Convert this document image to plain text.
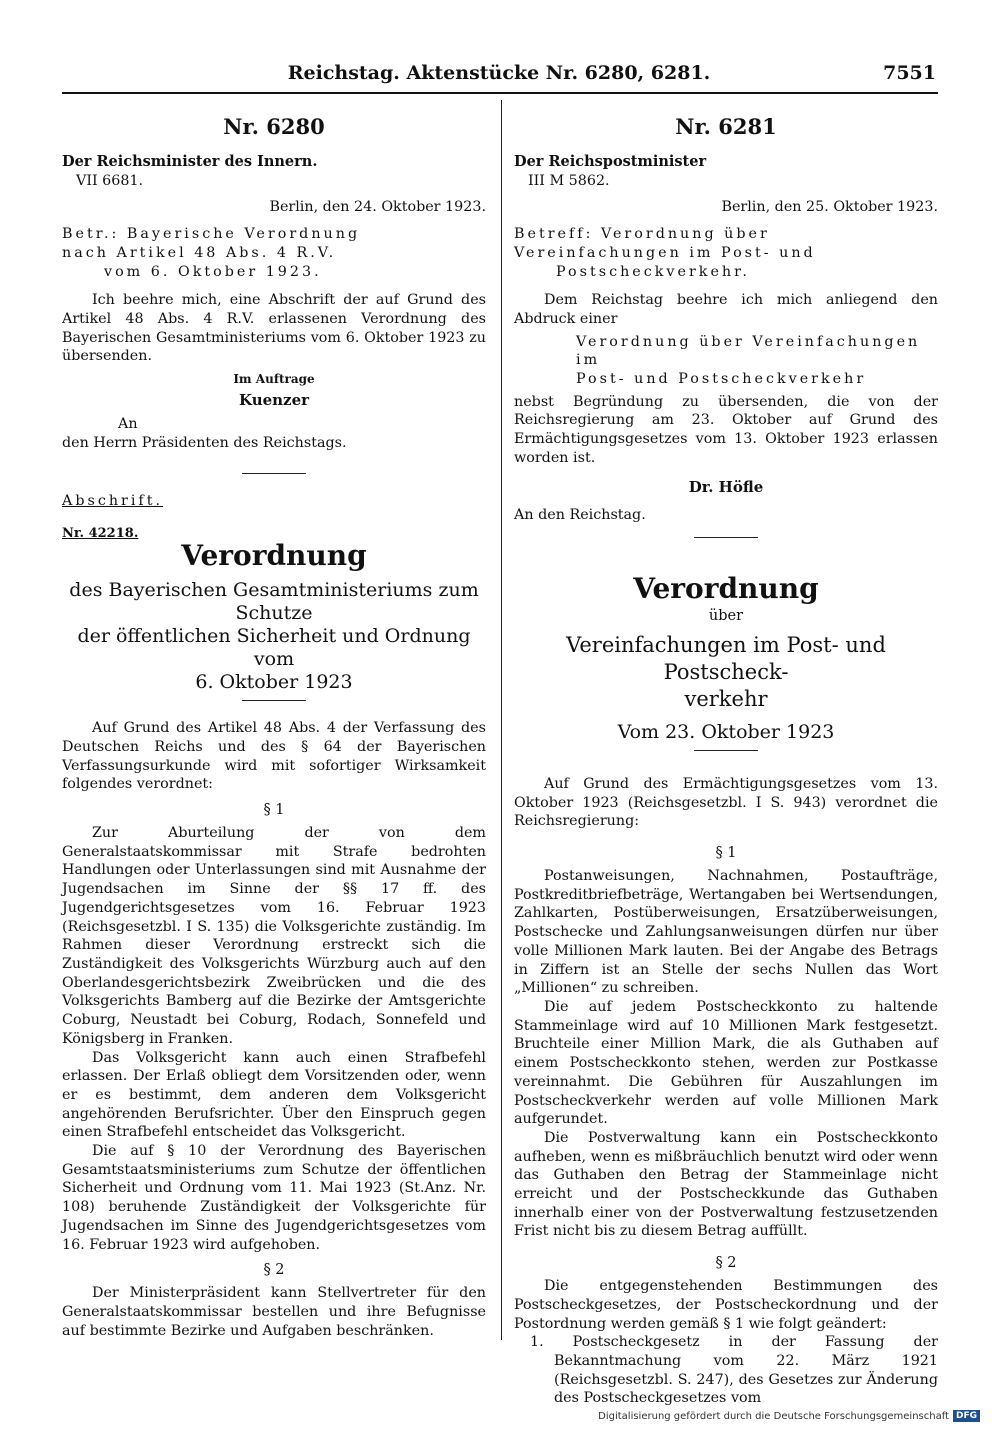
Reichstag. Aktenstücke Nr. 6280, 6281.	7551
Nr. 6280

Der Reichsminister des Innern.

VII 6681.

Berlin, den 24. Oktober 1923.

Betr.: Bayerische Verordnung

nach Artikel 48 Abs. 4 R.V.

vom 6. Oktober 1923.

Ich beehre mich, eine Abschrift der auf Grund des Artikel 48 Abs. 4 R.V. erlassenen Verordnung des Bayerischen Gesamtministeriums vom 6. Oktober 1923 zu übersenden.

Im Auftrage

Kuenzer

An

den Herrn Präsidenten des Reichstags.

Abschrift.

Nr. 42218.

Verordnung
des Bayerischen Gesamtministeriums zum Schutze
der öffentlichen Sicherheit und Ordnung vom
6. Oktober 1923

Auf Grund des Artikel 48 Abs. 4 der Verfassung des Deutschen Reichs und des § 64 der Bayerischen Verfassungsurkunde wird mit sofortiger Wirksamkeit folgendes verordnet:

§ 1

Zur Aburteilung der von dem Generalstaatskommissar mit Strafe bedrohten Handlungen oder Unterlassungen sind mit Ausnahme der Jugendsachen im Sinne der §§ 17 ff. des Jugendgerichtsgesetzes vom 16. Februar 1923 (Reichsgesetzbl. I S. 135) die Volksgerichte zuständig. Im Rahmen dieser Verordnung erstreckt sich die Zuständigkeit des Volksgerichts Würzburg auch auf den Oberlandesgerichtsbezirk Zweibrücken und die des Volksgerichts Bamberg auf die Bezirke der Amtsgerichte Coburg, Neustadt bei Coburg, Rodach, Sonnefeld und Königsberg in Franken.

Das Volksgericht kann auch einen Strafbefehl erlassen. Der Erlaß obliegt dem Vorsitzenden oder, wenn er es bestimmt, dem anderen dem Volksgericht angehörenden Berufsrichter. Über den Einspruch gegen einen Strafbefehl entscheidet das Volksgericht.

Die auf § 10 der Verordnung des Bayerischen Gesamtstaatsministeriums zum Schutze der öffentlichen Sicherheit und Ordnung vom 11. Mai 1923 (St.Anz. Nr. 108) beruhende Zuständigkeit der Volksgerichte für Jugendsachen im Sinne des Jugendgerichtsgesetzes vom 16. Februar 1923 wird aufgehoben.

§ 2

Der Ministerpräsident kann Stellvertreter für den Generalstaatskommissar bestellen und ihre Befugnisse auf bestimmte Bezirke und Aufgaben beschränken.

Nr. 6281

Der Reichspostminister

III M 5862.

Berlin, den 25. Oktober 1923.

Betreff: Verordnung über

Vereinfachungen im Post- und

Postscheckverkehr.

Dem Reichstag beehre ich mich anliegend den Abdruck einer

Verordnung über Vereinfachungen im

Post- und Postscheckverkehr

nebst Begründung zu übersenden, die von der Reichsregierung am 23. Oktober auf Grund des Ermächtigungsgesetzes vom 13. Oktober 1923 erlassen worden ist.

Dr. Höfle

An den Reichstag.

Verordnung
über
Vereinfachungen im Post- und Postscheck-
verkehr
Vom 23. Oktober 1923

Auf Grund des Ermächtigungsgesetzes vom 13. Oktober 1923 (Reichsgesetzbl. I S. 943) verordnet die Reichsregierung:

§ 1

Postanweisungen, Nachnahmen, Postaufträge, Postkreditbriefbeträge, Wertangaben bei Wertsendungen, Zahlkarten, Postüberweisungen, Ersatzüberweisungen, Postschecke und Zahlungsanweisungen dürfen nur über volle Millionen Mark lauten. Bei der Angabe des Betrags in Ziffern ist an Stelle der sechs Nullen das Wort „Millionen“ zu schreiben.

Die auf jedem Postscheckkonto zu haltende Stammeinlage wird auf 10 Millionen Mark festgesetzt. Bruchteile einer Million Mark, die als Guthaben auf einem Postscheckkonto stehen, werden zur Postkasse vereinnahmt. Die Gebühren für Auszahlungen im Postscheckverkehr werden auf volle Millionen Mark aufgerundet.

Die Postverwaltung kann ein Postscheckkonto aufheben, wenn es mißbräuchlich benutzt wird oder wenn das Guthaben den Betrag der Stammeinlage nicht erreicht und der Postscheckkunde das Guthaben innerhalb einer von der Postverwaltung festzusetzenden Frist nicht bis zu diesem Betrag auffüllt.

§ 2

Die entgegenstehenden Bestimmungen des Postscheckgesetzes, der Postscheckordnung und der Postordnung werden gemäß § 1 wie folgt geändert:

1. Postscheckgesetz in der Fassung der Bekanntmachung vom 22. März 1921 (Reichsgesetzbl. S. 247), des Gesetzes zur Änderung des Postscheckgesetzes vom

Digitalisierung gefördert durch die Deutsche Forschungsgemeinschaft DFG
